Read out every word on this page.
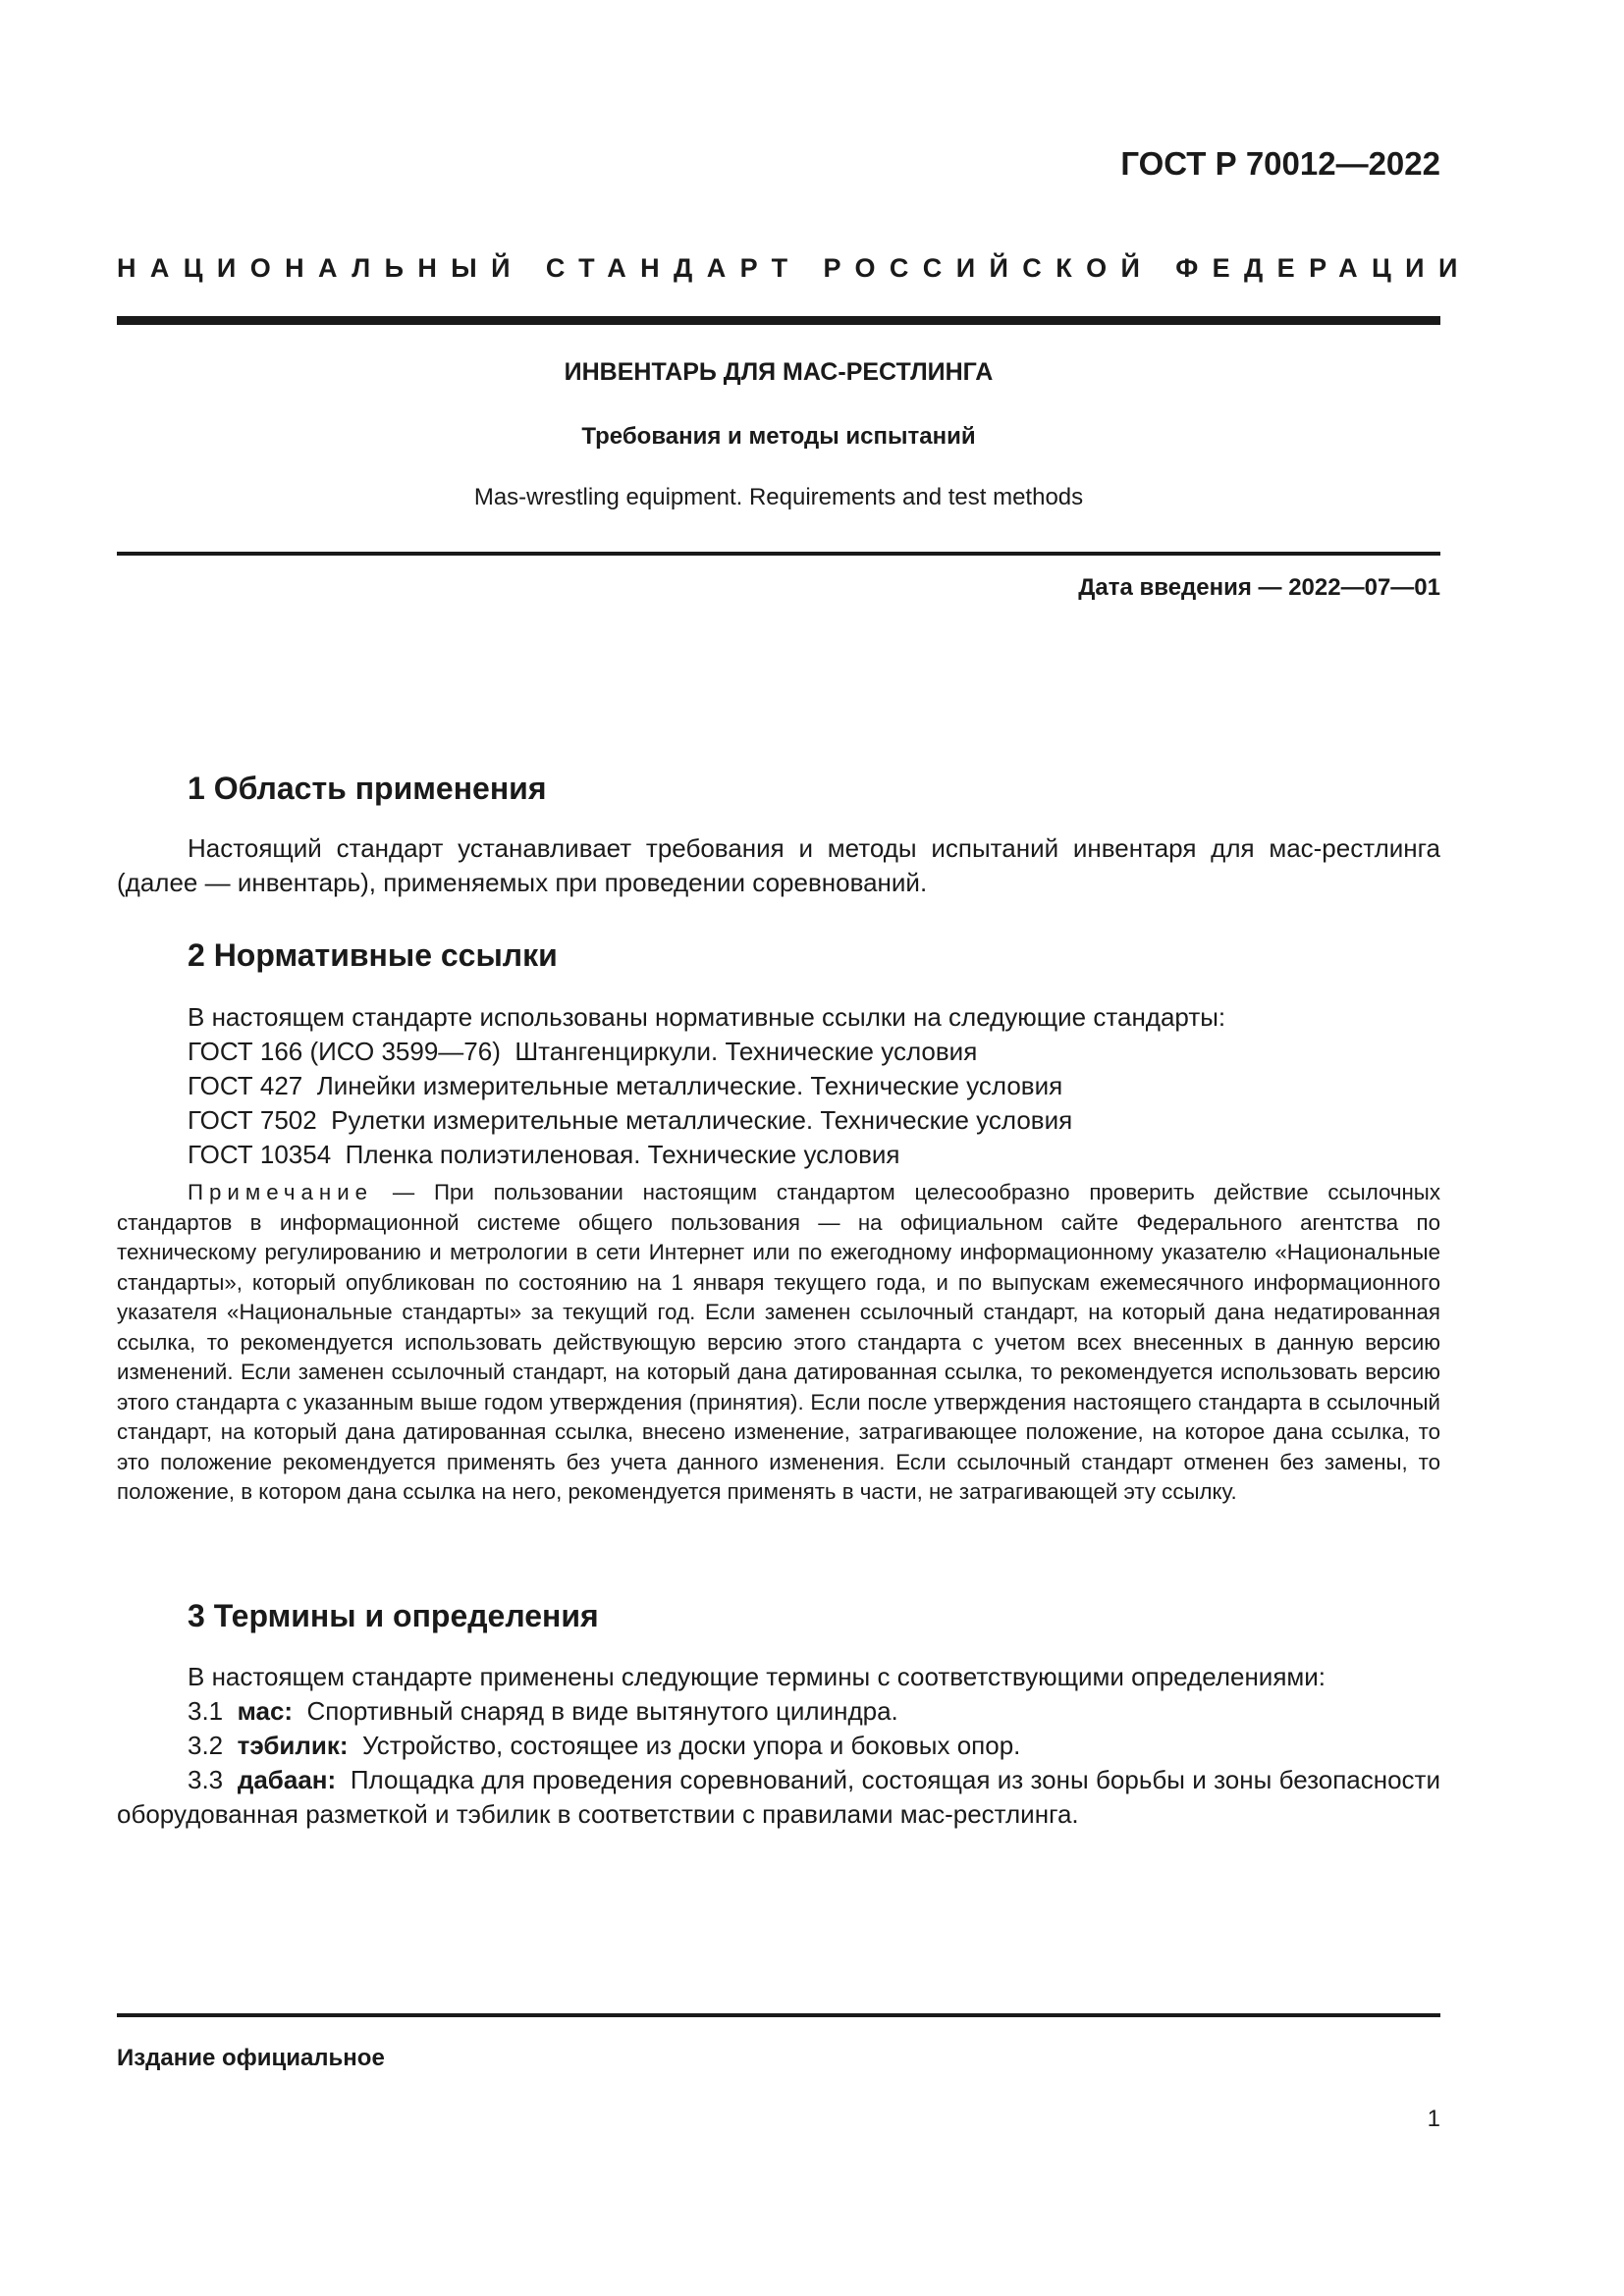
ГОСТ Р 70012—2022
НАЦИОНАЛЬНЫЙ СТАНДАРТ РОССИЙСКОЙ ФЕДЕРАЦИИ
ИНВЕНТАРЬ ДЛЯ МАС-РЕСТЛИНГА
Требования и методы испытаний
Mas-wrestling equipment. Requirements and test methods
Дата введения — 2022—07—01
1 Область применения
Настоящий стандарт устанавливает требования и методы испытаний инвентаря для мас-рестлинга (далее — инвентарь), применяемых при проведении соревнований.
2 Нормативные ссылки
В настоящем стандарте использованы нормативные ссылки на следующие стандарты:
ГОСТ 166 (ИСО 3599—76) Штангенциркули. Технические условия
ГОСТ 427 Линейки измерительные металлические. Технические условия
ГОСТ 7502 Рулетки измерительные металлические. Технические условия
ГОСТ 10354 Пленка полиэтиленовая. Технические условия
Примечание — При пользовании настоящим стандартом целесообразно проверить действие ссылочных стандартов в информационной системе общего пользования — на официальном сайте Федерального агентства по техническому регулированию и метрологии в сети Интернет или по ежегодному информационному указателю «Национальные стандарты», который опубликован по состоянию на 1 января текущего года, и по выпускам ежемесячного информационного указателя «Национальные стандарты» за текущий год. Если заменен ссылочный стандарт, на который дана недатированная ссылка, то рекомендуется использовать действующую версию этого стандарта с учетом всех внесенных в данную версию изменений. Если заменен ссылочный стандарт, на который дана датированная ссылка, то рекомендуется использовать версию этого стандарта с указанным выше годом утверждения (принятия). Если после утверждения настоящего стандарта в ссылочный стандарт, на который дана датированная ссылка, внесено изменение, затрагивающее положение, на которое дана ссылка, то это положение рекомендуется применять без учета данного изменения. Если ссылочный стандарт отменен без замены, то положение, в котором дана ссылка на него, рекомендуется применять в части, не затрагивающей эту ссылку.
3 Термины и определения
В настоящем стандарте применены следующие термины с соответствующими определениями:
3.1 мас: Спортивный снаряд в виде вытянутого цилиндра.
3.2 тэбилик: Устройство, состоящее из доски упора и боковых опор.
3.3 дабаан: Площадка для проведения соревнований, состоящая из зоны борьбы и зоны безопасности оборудованная разметкой и тэбилик в соответствии с правилами мас-рестлинга.
Издание официальное
1
